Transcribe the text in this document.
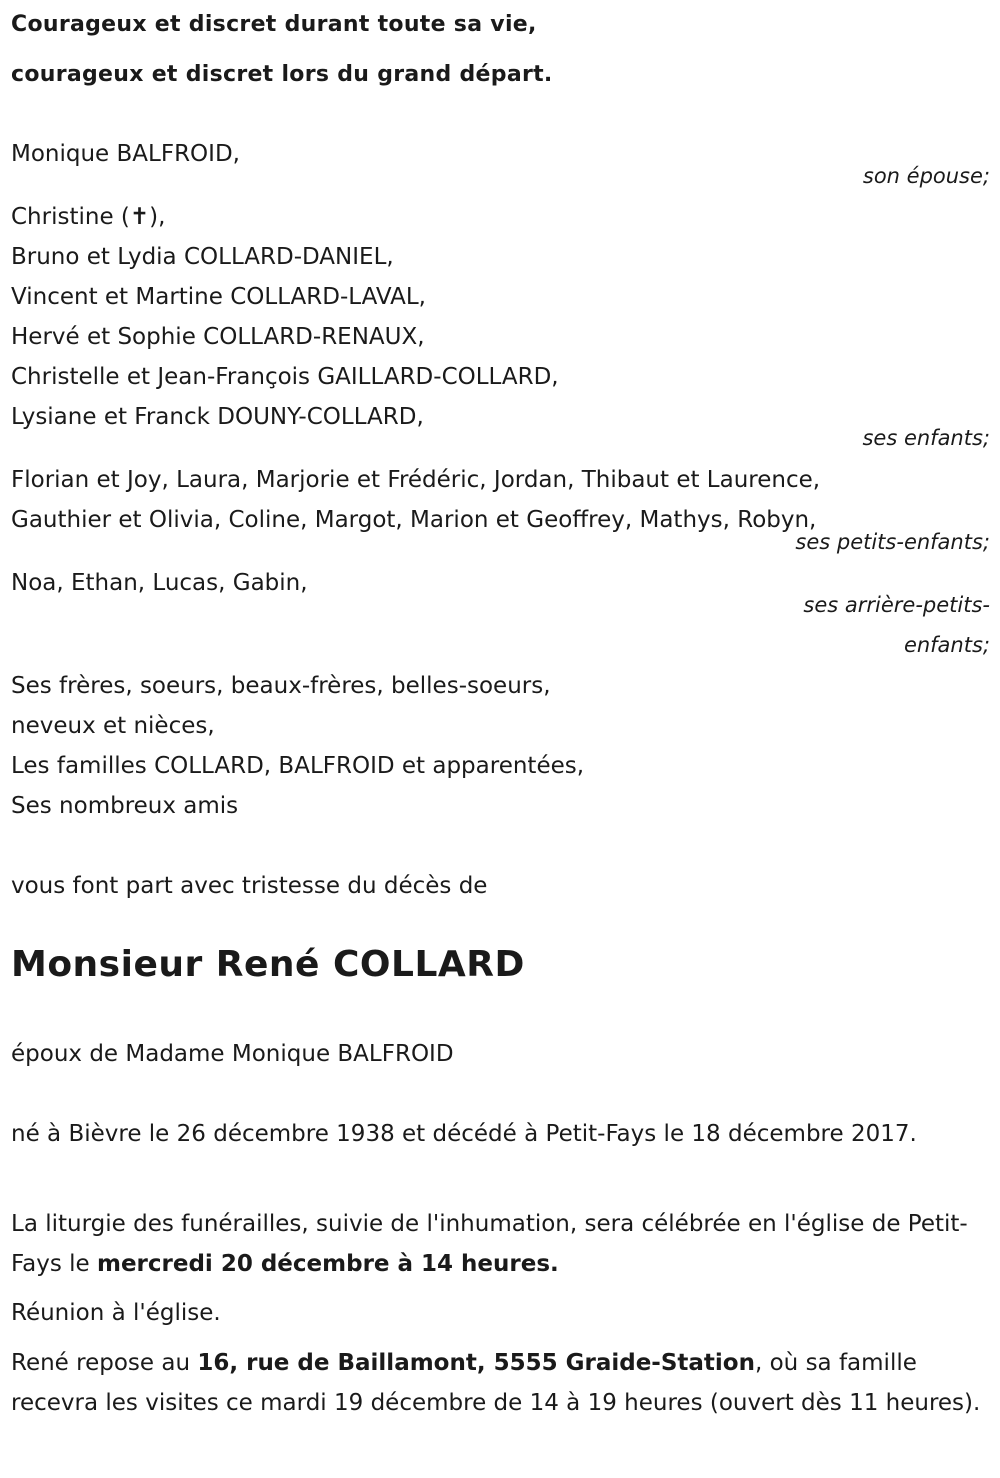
Courageux et discret durant toute sa vie,
courageux et discret lors du grand départ.
Monique BALFROID,
son épouse;
Christine (✝),
Bruno et Lydia COLLARD-DANIEL,
Vincent et Martine COLLARD-LAVAL,
Hervé et Sophie COLLARD-RENAUX,
Christelle et Jean-François GAILLARD-COLLARD,
Lysiane et Franck DOUNY-COLLARD,
ses enfants;
Florian et Joy, Laura, Marjorie et Frédéric, Jordan, Thibaut et Laurence,
Gauthier et Olivia, Coline, Margot, Marion et Geoffrey, Mathys, Robyn,
ses petits-enfants;
Noa, Ethan, Lucas, Gabin,
ses arrière-petits-
enfants;
Ses frères, soeurs, beaux-frères, belles-soeurs,
neveux et nièces,
Les familles COLLARD, BALFROID et apparentées,
Ses nombreux amis
vous font part avec tristesse du décès de
Monsieur René COLLARD
époux de Madame Monique BALFROID
né à Bièvre le 26 décembre 1938 et décédé à Petit-Fays le 18 décembre 2017.
La liturgie des funérailles, suivie de l'inhumation, sera célébrée en l'église de Petit-Fays le mercredi 20 décembre à 14 heures.
Réunion à l'église.
René repose au 16, rue de Baillamont, 5555 Graide-Station, où sa famille recevra les visites ce mardi 19 décembre de 14 à 19 heures (ouvert dès 11 heures).
